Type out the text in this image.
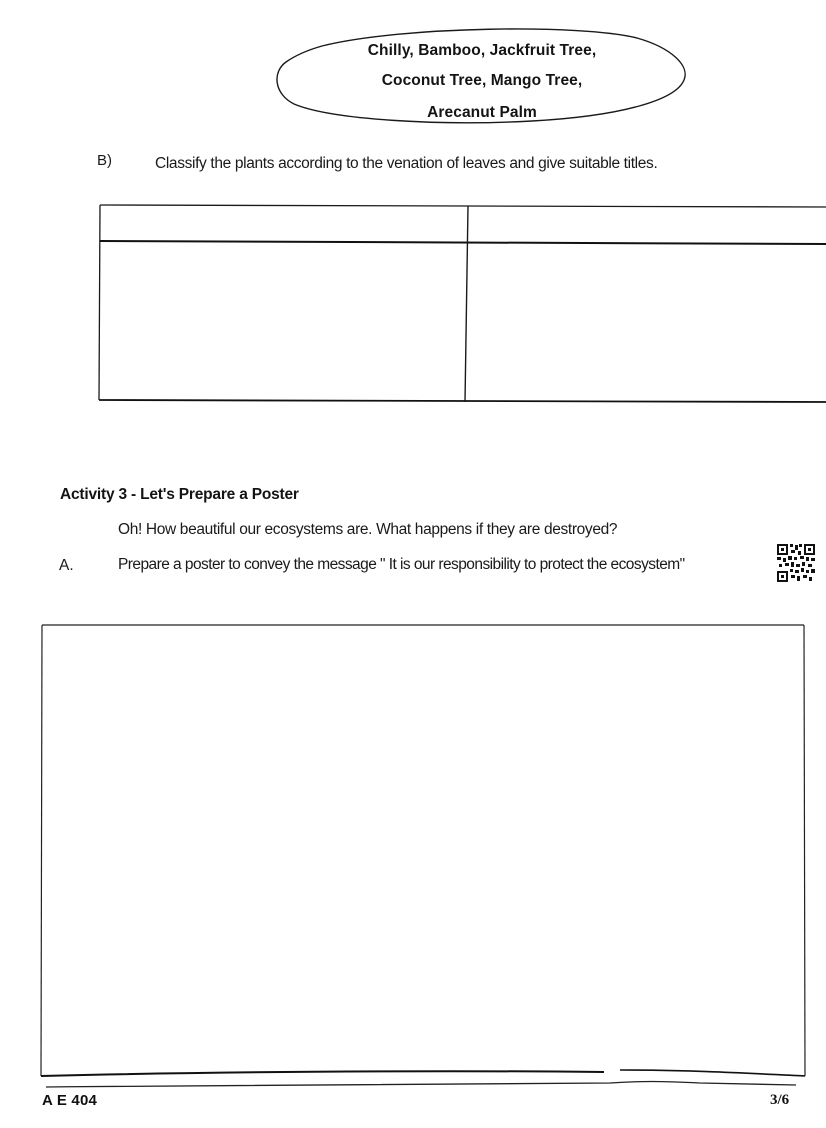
Chilly, Bamboo, Jackfruit Tree,
Coconut Tree, Mango Tree,
Arecanut Palm
B)	Classify the plants according to the venation of leaves and give suitable titles.
Activity 3 - Let's Prepare a Poster
Oh! How beautiful our ecosystems are. What happens if they are destroyed?
A.	Prepare a poster to convey the message " It is our responsibility to protect the ecosystem"
A E 404	3/6
